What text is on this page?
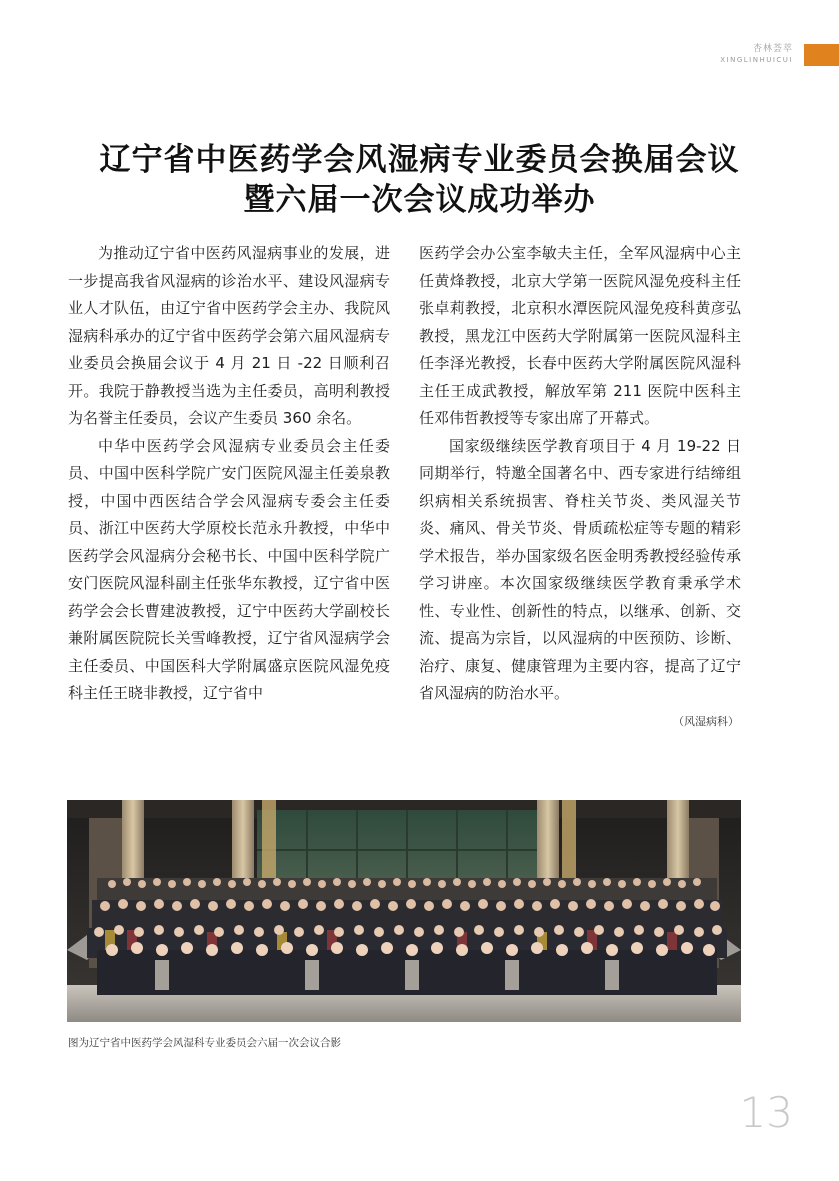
杏林荟萃
XINGLINHUICUI
辽宁省中医药学会风湿病专业委员会换届会议
暨六届一次会议成功举办

为推动辽宁省中医药风湿病事业的发展，进一步提高我省风湿病的诊治水平、建设风湿病专业人才队伍，由辽宁省中医药学会主办、我院风湿病科承办的辽宁省中医药学会第六届风湿病专业委员会换届会议于 4 月 21 日 -22 日顺利召开。我院于静教授当选为主任委员，高明利教授为名誉主任委员，会议产生委员 360 余名。

中华中医药学会风湿病专业委员会主任委员、中国中医科学院广安门医院风湿主任姜泉教授，中国中西医结合学会风湿病专委会主任委员、浙江中医药大学原校长范永升教授，中华中医药学会风湿病分会秘书长、中国中医科学院广安门医院风湿科副主任张华东教授，辽宁省中医药学会会长曹建波教授，辽宁中医药大学副校长兼附属医院院长关雪峰教授，辽宁省风湿病学会主任委员、中国医科大学附属盛京医院风湿免疫科主任王晓非教授，辽宁省中

医药学会办公室李敏夫主任，全军风湿病中心主任黄烽教授，北京大学第一医院风湿免疫科主任张卓莉教授，北京积水潭医院风湿免疫科黄彦弘教授，黑龙江中医药大学附属第一医院风湿科主任李泽光教授，长春中医药大学附属医院风湿科主任王成武教授，解放军第 211 医院中医科主任邓伟哲教授等专家出席了开幕式。

国家级继续医学教育项目于 4 月 19-22 日同期举行，特邀全国著名中、西专家进行结缔组织病相关系统损害、脊柱关节炎、类风湿关节炎、痛风、骨关节炎、骨质疏松症等专题的精彩学术报告，举办国家级名医金明秀教授经验传承学习讲座。本次国家级继续医学教育秉承学术性、专业性、创新性的特点，以继承、创新、交流、提高为宗旨，以风湿病的中医预防、诊断、治疗、康复、健康管理为主要内容，提高了辽宁省风湿病的防治水平。

（风湿病科）
图为辽宁省中医药学会风湿科专业委员会六届一次会议合影
13
